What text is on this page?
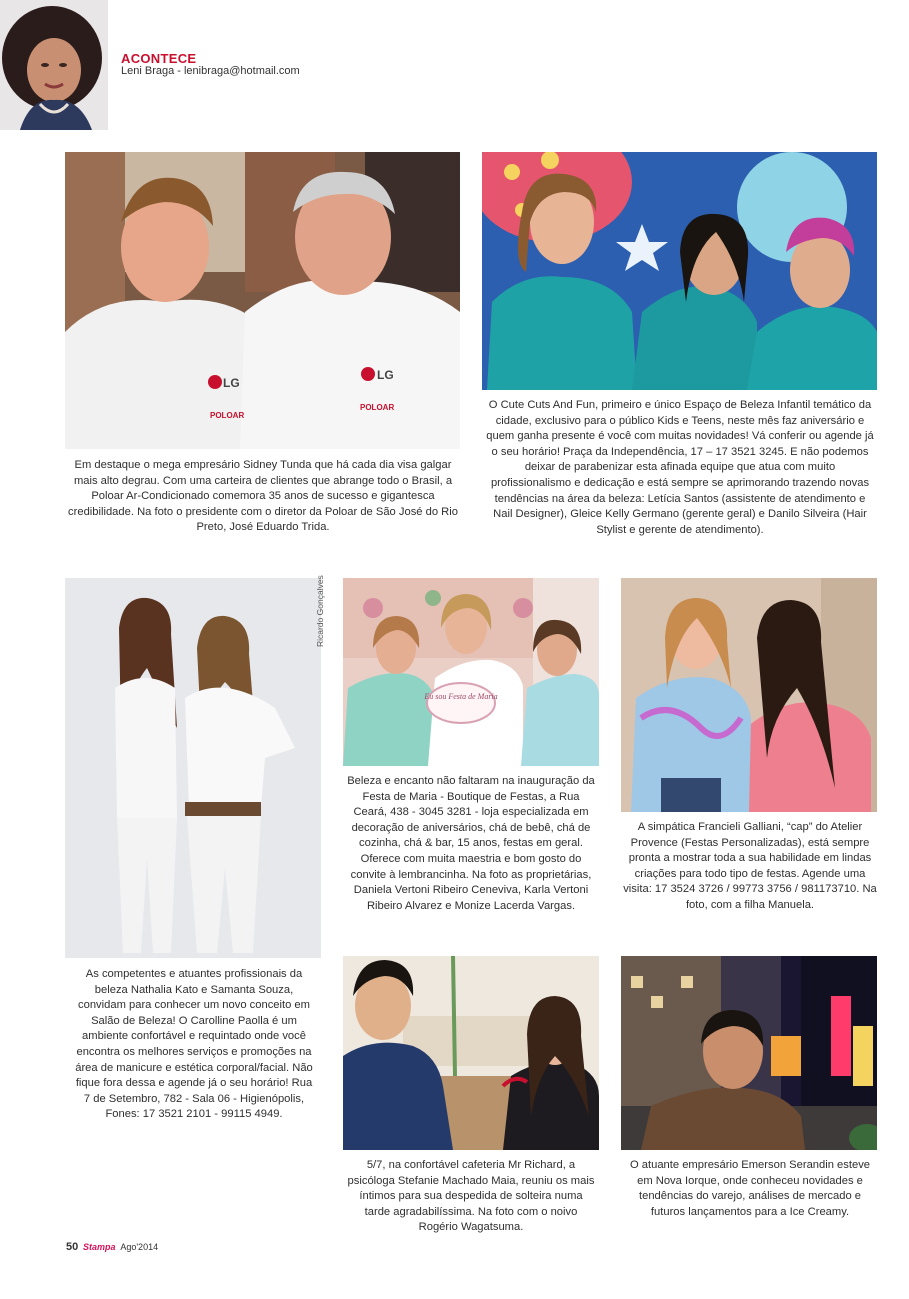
ACONTECE
Leni Braga - lenibraga@hotmail.com
LG
LG
POLOAR
POLOAR
Em destaque o mega empresário Sidney Tunda que há cada dia visa galgar mais alto degrau. Com uma carteira de clientes que abrange todo o Brasil, a Poloar Ar-Condicionado comemora 35 anos de sucesso e gigantesca credibilidade. Na foto o presidente com o diretor da Poloar de São José do Rio Preto, José Eduardo Trida.
O Cute Cuts And Fun, primeiro e único Espaço de Beleza Infantil temático da cidade, exclusivo para o público Kids e Teens, neste mês faz aniversário e quem ganha presente é você com muitas novidades! Vá conferir ou agende já o seu horário! Praça da Independência, 17 – 17 3521 3245. E não podemos deixar de parabenizar esta afinada equipe que atua com muito profissionalismo e dedicação e está sempre se aprimorando trazendo novas tendências na área da beleza: Letícia Santos (assistente de atendimento e Nail Designer), Gleice Kelly Germano (gerente geral) e Danilo Silveira (Hair Stylist e gerente de atendimento).
Ricardo Gonçalves
As competentes e atuantes profissionais da beleza Nathalia Kato e Samanta Souza, convidam para conhecer um novo conceito em Salão de Beleza! O Carolline Paolla é um ambiente confortável e requintado onde você encontra os melhores serviços e promoções na área de manicure e estética corporal/facial. Não fique fora dessa e agende já o seu horário! Rua 7 de Setembro, 782 - Sala 06 - Higienópolis, Fones: 17 3521 2101 - 99115 4949.
Eu sou Festa de Maria
Beleza e encanto não faltaram na inauguração da Festa de Maria - Boutique de Festas, a Rua Ceará, 438 - 3045 3281 - loja especializada em decoração de aniversários, chá de bebê, chá de cozinha, chá & bar, 15 anos, festas em geral. Oferece com muita maestria e bom gosto do convite à lembrancinha. Na foto as proprietárias, Daniela Vertoni Ribeiro Ceneviva, Karla Vertoni Ribeiro Alvarez e Monize Lacerda Vargas.
A simpática Francieli Galliani, “cap” do Atelier Provence (Festas Personalizadas), está sempre pronta a mostrar toda a sua habilidade em lindas criações para todo tipo de festas. Agende uma visita: 17 3524 3726 / 99773 3756 / 981173710. Na foto, com a filha Manuela.
5/7, na confortável cafeteria Mr Richard, a psicóloga Stefanie Machado Maia, reuniu os mais íntimos para sua despedida de solteira numa tarde agradabilíssima. Na foto com o noivo Rogério Wagatsuma.
O atuante empresário Emerson Serandin esteve em Nova Iorque, onde conheceu novidades e tendências do varejo, análises de mercado e futuros lançamentos para a Ice Creamy.
50 Stampa Ago'2014
